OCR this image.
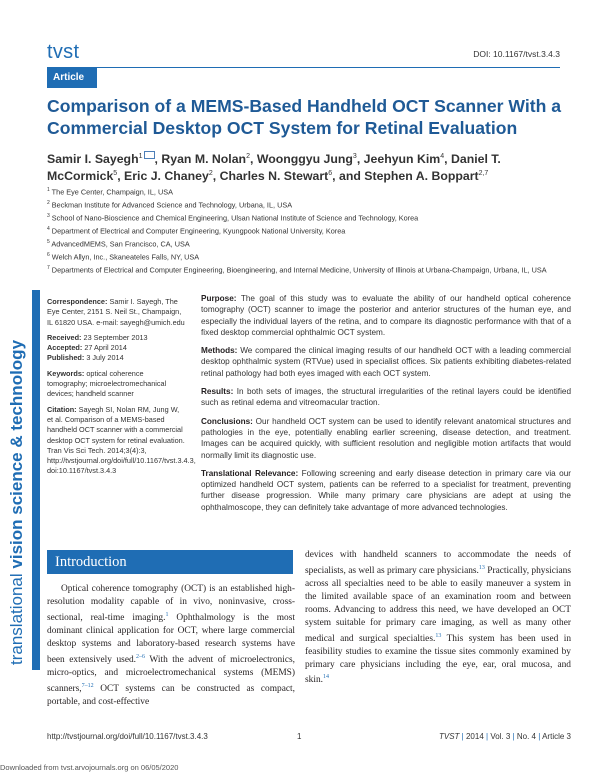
tvst	DOI: 10.1167/tvst.3.4.3
Article
Comparison of a MEMS-Based Handheld OCT Scanner With a Commercial Desktop OCT System for Retinal Evaluation
Samir I. Sayegh$^1$ , Ryan M. Nolan$^2$, Woonggyu Jung$^3$, Jeehyun Kim$^4$, Daniel T. McCormick$^5$, Eric J. Chaney$^2$, Charles N. Stewart$^6$, and Stephen A. Boppart$^{2,7}$
$^1$ The Eye Center, Champaign, IL, USA
$^2$ Beckman Institute for Advanced Science and Technology, Urbana, IL, USA
$^3$ School of Nano-Bioscience and Chemical Engineering, Ulsan National Institute of Science and Technology, Korea
$^4$ Department of Electrical and Computer Engineering, Kyungpook National University, Korea
$^5$ AdvancedMEMS, San Francisco, CA, USA
$^6$ Welch Allyn, Inc., Skaneateles Falls, NY, USA
$^7$ Departments of Electrical and Computer Engineering, Bioengineering, and Internal Medicine, University of Illinois at Urbana-Champaign, Urbana, IL, USA
translational vision science & technology

Correspondence: Samir I. Sayegh, The Eye Center, 2151 S. Neil St., Champaign, IL 61820 USA. e-mail: sayegh@umich.edu

Received: 23 September 2013
Accepted: 27 April 2014
Published: 3 July 2014

Keywords: optical coherence tomography; microelectromechanical devices; handheld scanner

Citation: Sayegh SI, Nolan RM, Jung W, et al. Comparison of a MEMS-based handheld OCT scanner with a commercial desktop OCT system for retinal evaluation. Tran Vis Sci Tech. 2014;3(4):3, http://tvstjournal.org/doi/full/10.1167/tvst.3.4.3, doi:10.1167/tvst.3.4.3

Purpose: The goal of this study was to evaluate the ability of our handheld optical coherence tomography (OCT) scanner to image the posterior and anterior structures of the human eye, and especially the individual layers of the retina, and to compare its diagnostic performance with that of a fixed desktop commercial ophthalmic OCT system.

Methods: We compared the clinical imaging results of our handheld OCT with a leading commercial desktop ophthalmic system (RTVue) used in specialist offices. Six patients exhibiting diabetes-related retinal pathology had both eyes imaged with each OCT system.

Results: In both sets of images, the structural irregularities of the retinal layers could be identified such as retinal edema and vitreomacular traction.

Conclusions: Our handheld OCT system can be used to identify relevant anatomical structures and pathologies in the eye, potentially enabling earlier screening, disease detection, and treatment. Images can be acquired quickly, with sufficient resolution and negligible motion artifacts that would normally limit its diagnostic use.

Translational Relevance: Following screening and early disease detection in primary care via our optimized handheld OCT system, patients can be referred to a specialist for treatment, preventing further disease progression. While many primary care physicians are adept at using the ophthalmoscope, they can definitely take advantage of more advanced technologies.

Introduction

Optical coherence tomography (OCT) is an established high-resolution modality capable of in vivo, noninvasive, cross-sectional, real-time imaging.$^1$ Ophthalmology is the most dominant clinical application for OCT, where large commercial desktop systems and laboratory-based research systems have been extensively used.$^{2-6}$ With the advent of microelectronics, micro-optics, and microelectromechanical systems (MEMS) scanners,$^{7-12}$ OCT systems can be constructed as compact, portable, and cost-effective

devices with handheld scanners to accommodate the needs of specialists, as well as primary care physicians.$^{13}$ Practically, physicians across all specialties need to be able to easily maneuver a system in the limited available space of an examination room and between rooms. Advancing to address this need, we have developed an OCT system suitable for primary care imaging, as well as many other medical and surgical specialties.$^{13}$ This system has been used in feasibility studies to examine the tissue sites commonly examined by primary care physicians including the eye, ear, oral mucosa, and skin.$^{14}$

http://tvstjournal.org/doi/full/10.1167/tvst.3.4.3	1	TVST | 2014 | Vol. 3 | No. 4 | Article 3
Downloaded from tvst.arvojournals.org on 06/05/2020
